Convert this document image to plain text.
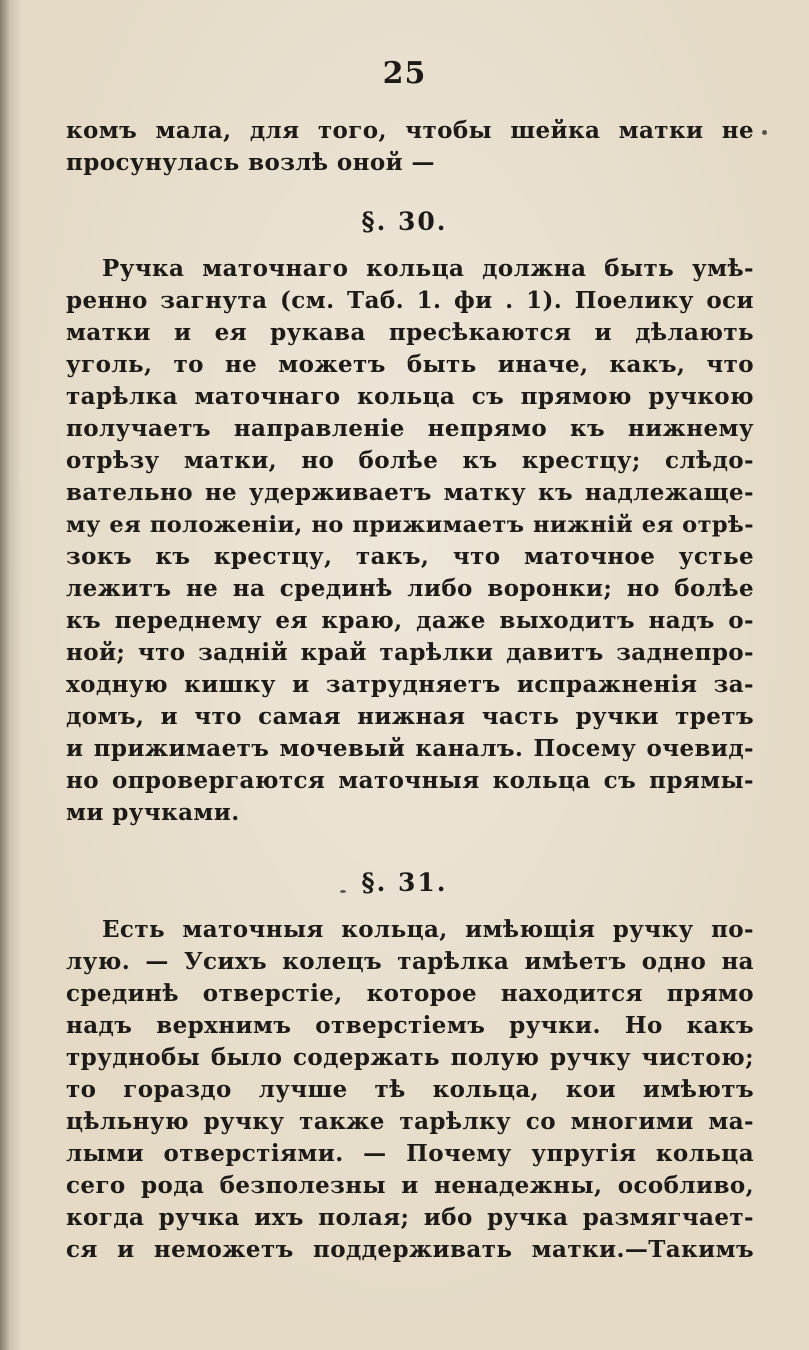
25
комъ мала, для того, чтобы шейка матки не
просунулась возлѣ оной —
§. 30.
Ручка маточнаго кольца должна быть умѣ-
ренно загнута (см. Таб. 1. фи . 1). Поелику оси
матки и ея рукава пресѣкаются и дѣлають
уголь, то не можетъ быть иначе, какъ, что
тарѣлка маточнаго кольца съ прямою ручкою
получаетъ направленіе непрямо къ нижнему
отрѣзу матки, но болѣе къ крестцу; слѣдо-
вательно не удерживаетъ матку къ надлежаще-
му ея положенiи, но прижимаетъ нижнiй ея отрѣ-
зокъ къ крестцу, такъ, что маточное устье
лежитъ не на срединѣ либо воронки; но болѣе
къ переднему ея краю, даже выходитъ надъ о-
ной; что заднiй край тарѣлки давитъ заднепро-
ходную кишку и затрудняетъ испражненія за-
домъ, и что самая нижная часть ручки третъ
и прижимаетъ мочевый каналъ. Посему очевид-
но опровергаются маточныя кольца съ прямы-
ми ручками.
§. 31.
Есть маточныя кольца, имѣющія ручку по-
лую. — Усихъ колецъ тарѣлка имѣетъ одно на
срединѣ отверстiе, которое находится прямо
надъ верхнимъ отверстiемъ ручки. Но какъ
труднобы было содержать полую ручку чистою;
то гораздо лучше тѣ кольца, кои имѣютъ
цѣльную ручку также тарѣлку со многими ма-
лыми отверстiями. — Почему упругiя кольца
сего рода безполезны и ненадежны, особливо,
когда ручка ихъ полая; ибо ручка размягчает-
ся и неможетъ поддерживать матки.—Такимъ
